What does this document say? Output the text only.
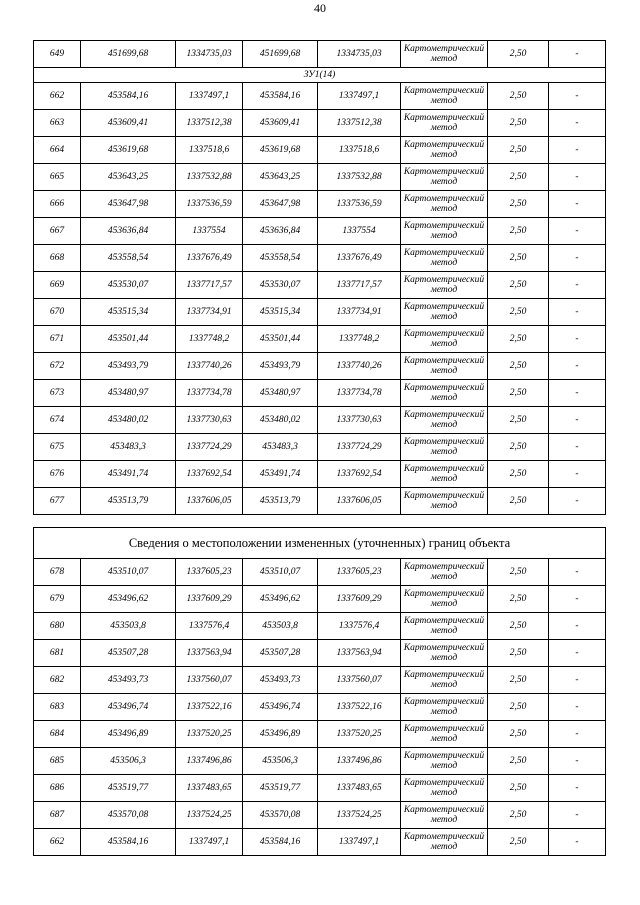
40
649	451699,68	1334735,03	451699,68	1334735,03	Картометрический метод	2,50	-
ЗУ1(14)							
662	453584,16	1337497,1	453584,16	1337497,1	Картометрический метод	2,50	-
663	453609,41	1337512,38	453609,41	1337512,38	Картометрический метод	2,50	-
664	453619,68	1337518,6	453619,68	1337518,6	Картометрический метод	2,50	-
665	453643,25	1337532,88	453643,25	1337532,88	Картометрический метод	2,50	-
666	453647,98	1337536,59	453647,98	1337536,59	Картометрический метод	2,50	-
667	453636,84	1337554	453636,84	1337554	Картометрический метод	2,50	-
668	453558,54	1337676,49	453558,54	1337676,49	Картометрический метод	2,50	-
669	453530,07	1337717,57	453530,07	1337717,57	Картометрический метод	2,50	-
670	453515,34	1337734,91	453515,34	1337734,91	Картометрический метод	2,50	-
671	453501,44	1337748,2	453501,44	1337748,2	Картометрический метод	2,50	-
672	453493,79	1337740,26	453493,79	1337740,26	Картометрический метод	2,50	-
673	453480,97	1337734,78	453480,97	1337734,78	Картометрический метод	2,50	-
674	453480,02	1337730,63	453480,02	1337730,63	Картометрический метод	2,50	-
675	453483,3	1337724,29	453483,3	1337724,29	Картометрический метод	2,50	-
676	453491,74	1337692,54	453491,74	1337692,54	Картометрический метод	2,50	-
677	453513,79	1337606,05	453513,79	1337606,05	Картометрический метод	2,50	-
Сведения о местоположении измененных (уточненных) границ объекта							
678	453510,07	1337605,23	453510,07	1337605,23	Картометрический метод	2,50	-
679	453496,62	1337609,29	453496,62	1337609,29	Картометрический метод	2,50	-
680	453503,8	1337576,4	453503,8	1337576,4	Картометрический метод	2,50	-
681	453507,28	1337563,94	453507,28	1337563,94	Картометрический метод	2,50	-
682	453493,73	1337560,07	453493,73	1337560,07	Картометрический метод	2,50	-
683	453496,74	1337522,16	453496,74	1337522,16	Картометрический метод	2,50	-
684	453496,89	1337520,25	453496,89	1337520,25	Картометрический метод	2,50	-
685	453506,3	1337496,86	453506,3	1337496,86	Картометрический метод	2,50	-
686	453519,77	1337483,65	453519,77	1337483,65	Картометрический метод	2,50	-
687	453570,08	1337524,25	453570,08	1337524,25	Картометрический метод	2,50	-
662	453584,16	1337497,1	453584,16	1337497,1	Картометрический метод	2,50	-
